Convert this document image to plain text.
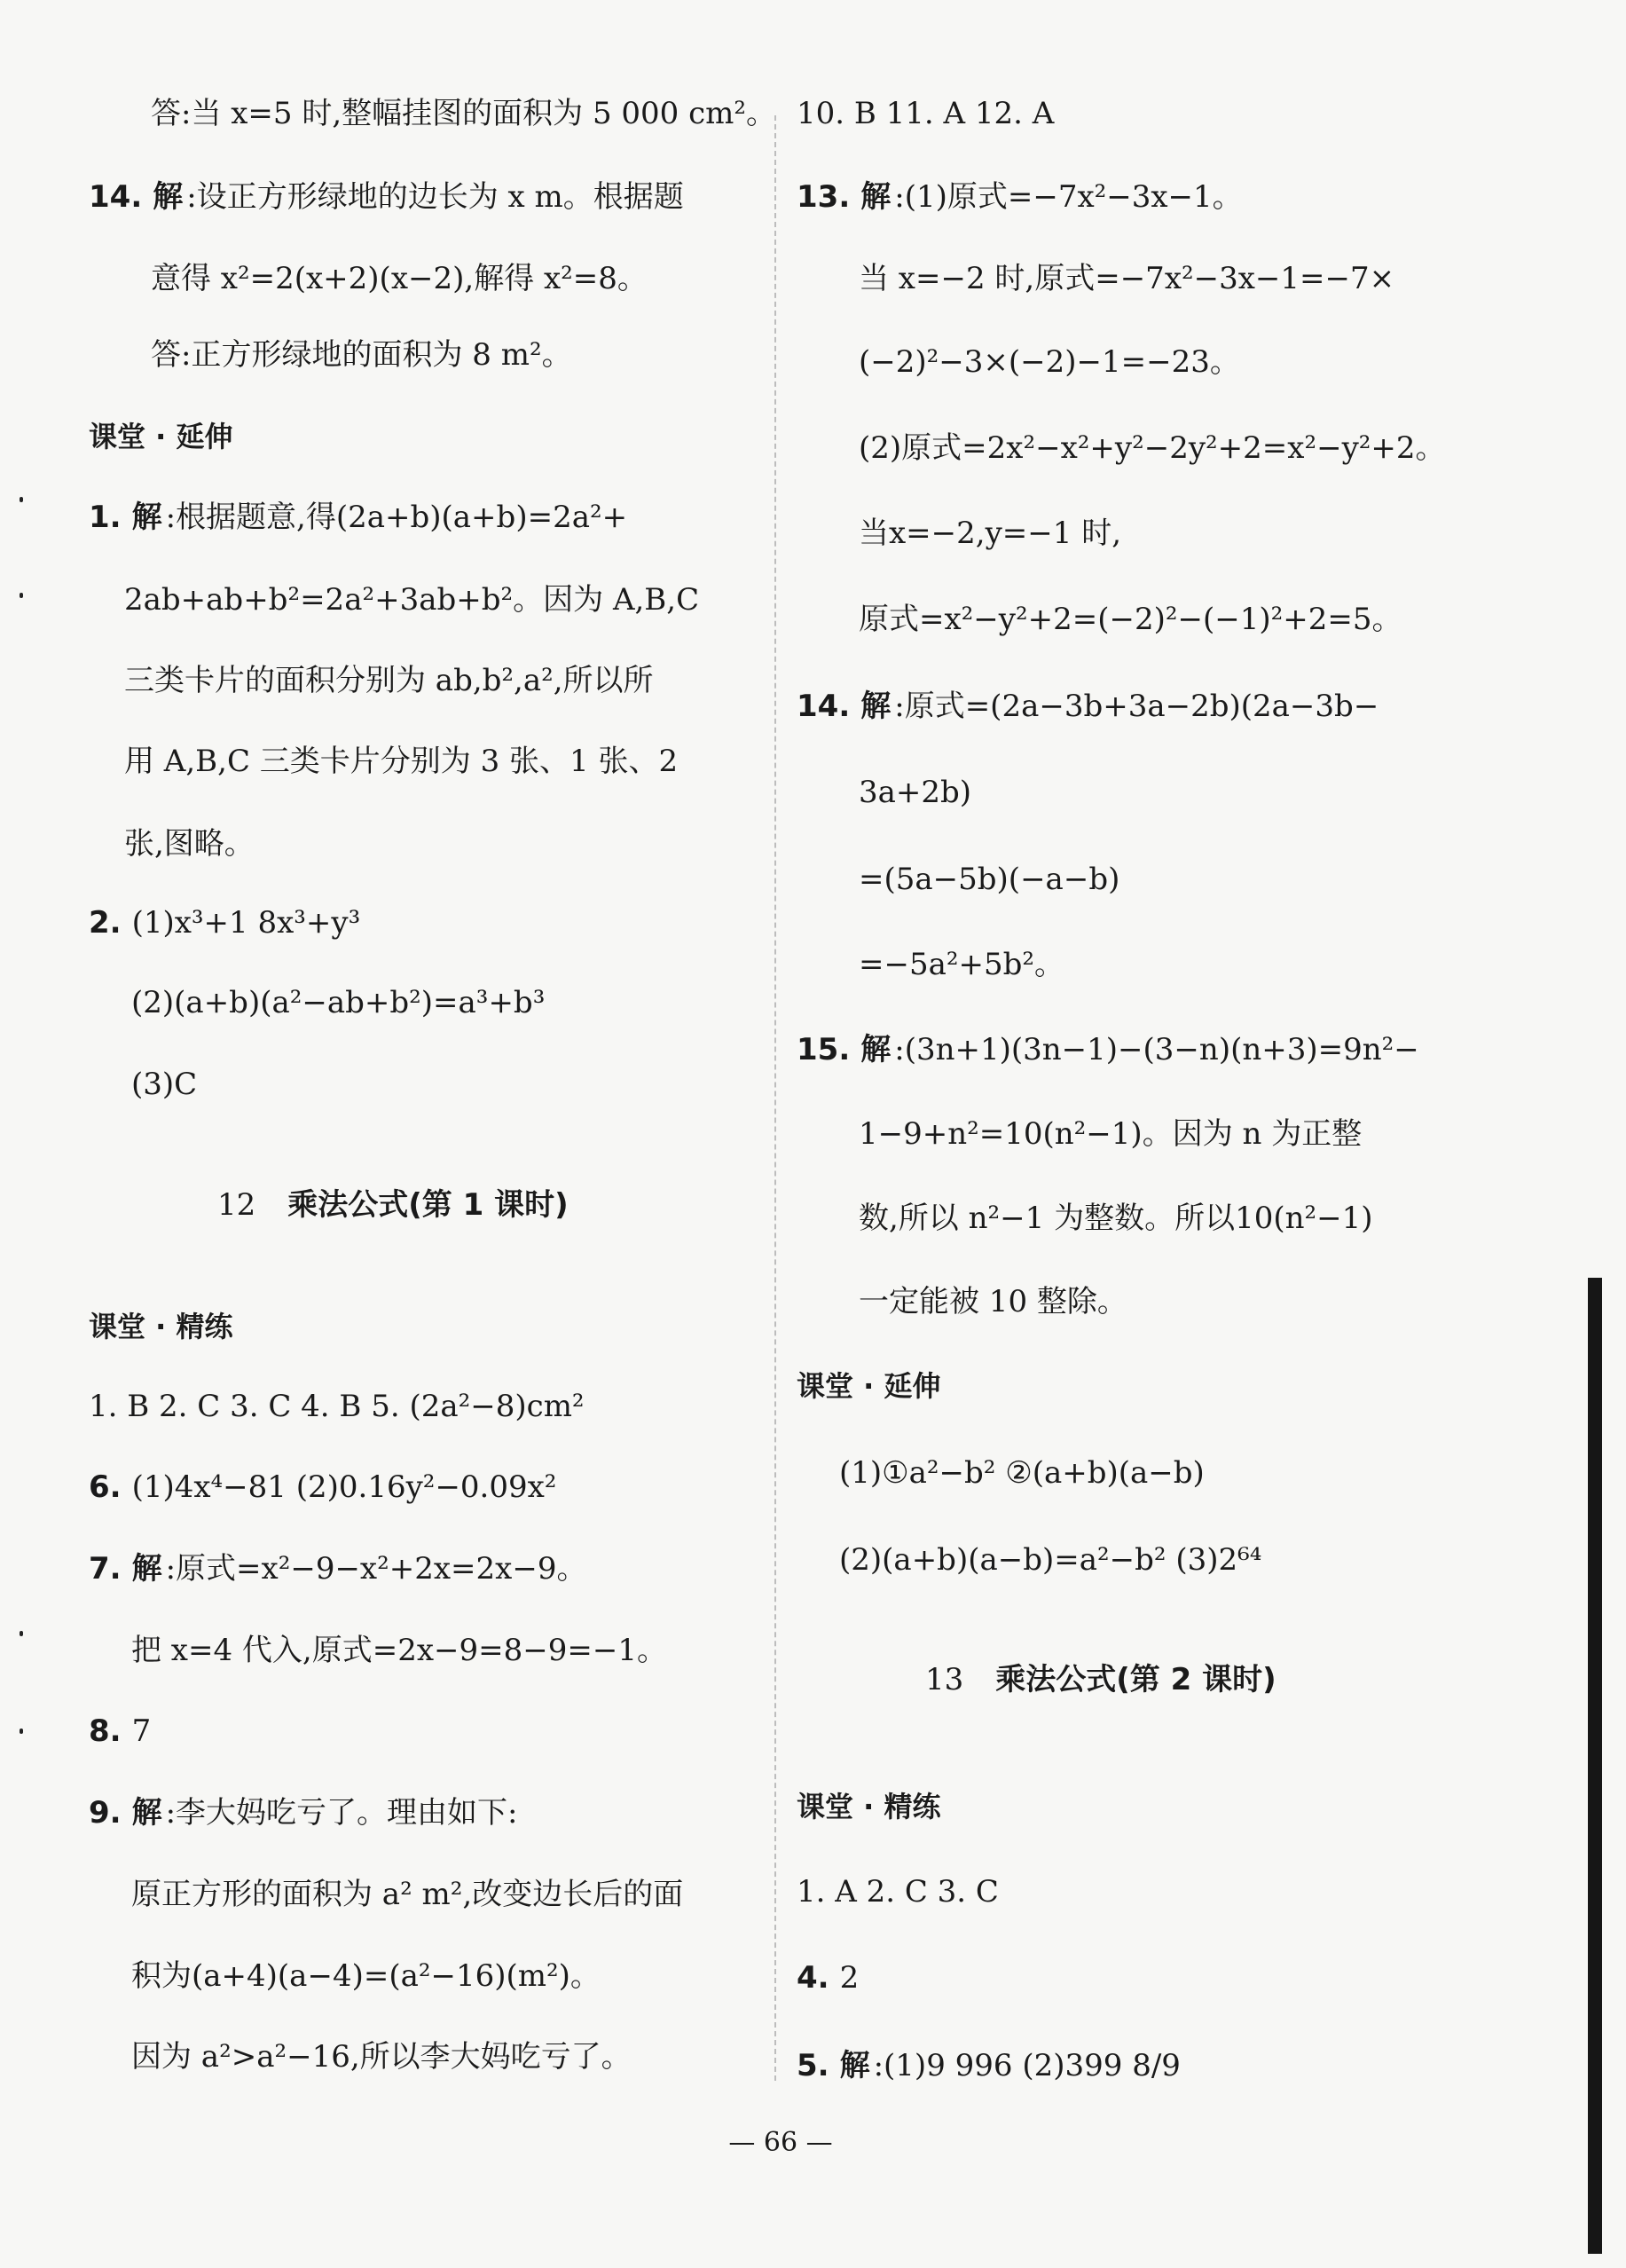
答:当 x=5 时,整幅挂图的面积为 5 000 cm²。
14. 解 :设正方形绿地的边长为 x m。根据题
意得 x²=2(x+2)(x−2),解得 x²=8。
答:正方形绿地的面积为 8 m²。
课堂 · 延伸
1. 解 :根据题意,得(2a+b)(a+b)=2a²+
2ab+ab+b²=2a²+3ab+b²。因为 A,B,C
三类卡片的面积分别为 ab,b²,a²,所以所
用 A,B,C 三类卡片分别为 3 张、1 张、2
张,图略。
2. (1)x³+1 8x³+y³
(2)(a+b)(a²−ab+b²)=a³+b³
(3)C
12 乘法公式(第 1 课时)
课堂 · 精练
1. B 2. C 3. C 4. B 5. (2a²−8)cm²
6. (1)4x⁴−81 (2)0.16y²−0.09x²
7. 解 :原式=x²−9−x²+2x=2x−9。
把 x=4 代入,原式=2x−9=8−9=−1。
8. 7
9. 解 :李大妈吃亏了。理由如下:
原正方形的面积为 a² m²,改变边长后的面
积为(a+4)(a−4)=(a²−16)(m²)。
因为 a²>a²−16,所以李大妈吃亏了。
10. B 11. A 12. A
13. 解 :(1)原式=−7x²−3x−1。
当 x=−2 时,原式=−7x²−3x−1=−7×
(−2)²−3×(−2)−1=−23。
(2)原式=2x²−x²+y²−2y²+2=x²−y²+2。
当x=−2,y=−1 时,
原式=x²−y²+2=(−2)²−(−1)²+2=5。
14. 解 :原式=(2a−3b+3a−2b)(2a−3b−
3a+2b)
=(5a−5b)(−a−b)
=−5a²+5b²。
15. 解 :(3n+1)(3n−1)−(3−n)(n+3)=9n²−
1−9+n²=10(n²−1)。因为 n 为正整
数,所以 n²−1 为整数。所以10(n²−1)
一定能被 10 整除。
课堂 · 延伸
(1)①a²−b² ②(a+b)(a−b)
(2)(a+b)(a−b)=a²−b² (3)2⁶⁴
13 乘法公式(第 2 课时)
课堂 · 精练
1. A 2. C 3. C
4. 2
5. 解 :(1)9 996 (2)399 8/9
— 66 —
